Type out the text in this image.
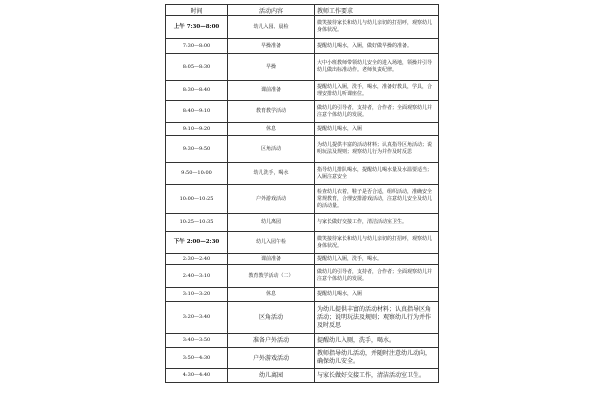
时间	活动内容	教师工作要求
上午 7:30—8:00	幼儿入园、晨检	微笑接待家长和幼儿与幼儿亲切的打招呼，观察幼儿身体状况。
7:30—8:00	早操准备	提醒幼儿喝水，入厕，做好做早操的准备。
8:05—8:30	早操	大中小班教师带领幼儿安全的进入场地，领操并引导幼儿做出标准动作。老师负责纪律。
8:30—8:40	课前准备	提醒幼儿入厕，洗手，喝水，准备好教具，学具，合理安排幼儿听课座位。
8:40—9:10	教育教学活动	做幼儿的引导者，支持者，合作者；全面观察幼儿并注意个体幼儿的发展。
9:10—9:20	休息	提醒幼儿喝水，入厕
9:30—9:50	区角活动	为幼儿提供丰富的活动材料；认真指导区角活动；说明玩法及规则；观察幼儿行为并作及时反思
9:50—10:00	幼儿洗手，喝水	指导幼儿排队喝水，提醒幼儿喝水量及水温要适当；入厕注意安全
10:00—10:25	户外游戏活动	检查幼儿衣着，鞋子是否合适，组织活动，准确安全常规教育，合理安排游戏活动，注意幼儿安全及幼儿的活动量。
10:25—10:35	幼儿离园	与家长做好交接工作，清洁活动室卫生。
下午 2:00—2:30	幼儿入园午检	微笑接待家长和幼儿与幼儿亲切的打招呼，观察幼儿身体状况。
2:30—2:40	课前准备	提醒幼儿入厕，洗手，喝水。
2:40—3:10	教育教学活动（二）	做幼儿的引导者，支持者，合作者；全面观察幼儿并注意个体幼儿的发展。
3:10—3:20	休息	提醒幼儿喝水，入厕
3:20—3:40	区角活动	为幼儿提供丰富的活动材料；认真指导区角活动；说明玩法及规则；观察幼儿行为并作及时反思
3:40—3:50	准备户外活动	提醒幼儿入厕，洗手，喝水。
3:50—4:30	户外游戏活动	教师指导幼儿活动，并随时注意幼儿动向，确保幼儿安全。
4:30—4:40	幼儿离园	与家长做好交接工作，清洁活动室卫生。
